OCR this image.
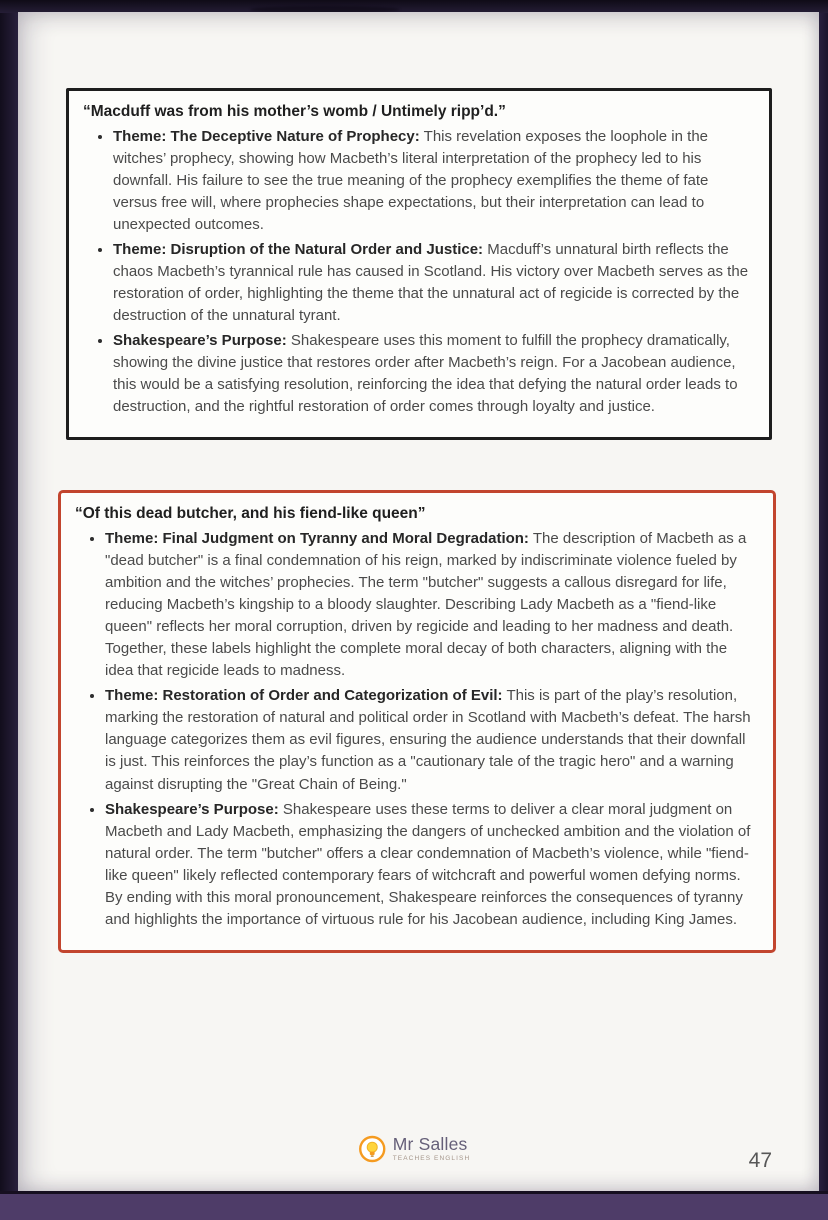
“Macduff was from his mother’s womb / Untimely ripp’d.”
• Theme: The Deceptive Nature of Prophecy: This revelation exposes the loophole in the witches’ prophecy, showing how Macbeth’s literal interpretation of the prophecy led to his downfall. His failure to see the true meaning of the prophecy exemplifies the theme of fate versus free will, where prophecies shape expectations, but their interpretation can lead to unexpected outcomes.
• Theme: Disruption of the Natural Order and Justice: Macduff’s unnatural birth reflects the chaos Macbeth’s tyrannical rule has caused in Scotland. His victory over Macbeth serves as the restoration of order, highlighting the theme that the unnatural act of regicide is corrected by the destruction of the unnatural tyrant.
• Shakespeare’s Purpose: Shakespeare uses this moment to fulfill the prophecy dramatically, showing the divine justice that restores order after Macbeth’s reign. For a Jacobean audience, this would be a satisfying resolution, reinforcing the idea that defying the natural order leads to destruction, and the rightful restoration of order comes through loyalty and justice.
“Of this dead butcher, and his fiend-like queen”
• Theme: Final Judgment on Tyranny and Moral Degradation: The description of Macbeth as a "dead butcher" is a final condemnation of his reign, marked by indiscriminate violence fueled by ambition and the witches’ prophecies. The term "butcher" suggests a callous disregard for life, reducing Macbeth’s kingship to a bloody slaughter. Describing Lady Macbeth as a "fiend-like queen" reflects her moral corruption, driven by regicide and leading to her madness and death. Together, these labels highlight the complete moral decay of both characters, aligning with the idea that regicide leads to madness.
• Theme: Restoration of Order and Categorization of Evil: This is part of the play’s resolution, marking the restoration of natural and political order in Scotland with Macbeth’s defeat. The harsh language categorizes them as evil figures, ensuring the audience understands that their downfall is just. This reinforces the play’s function as a "cautionary tale of the tragic hero" and a warning against disrupting the "Great Chain of Being."
• Shakespeare’s Purpose: Shakespeare uses these terms to deliver a clear moral judgment on Macbeth and Lady Macbeth, emphasizing the dangers of unchecked ambition and the violation of natural order. The term "butcher" offers a clear condemnation of Macbeth’s violence, while "fiend-like queen" likely reflected contemporary fears of witchcraft and powerful women defying norms. By ending with this moral pronouncement, Shakespeare reinforces the consequences of tyranny and highlights the importance of virtuous rule for his Jacobean audience, including King James.
Mr Salles
TEACHES ENGLISH	47
